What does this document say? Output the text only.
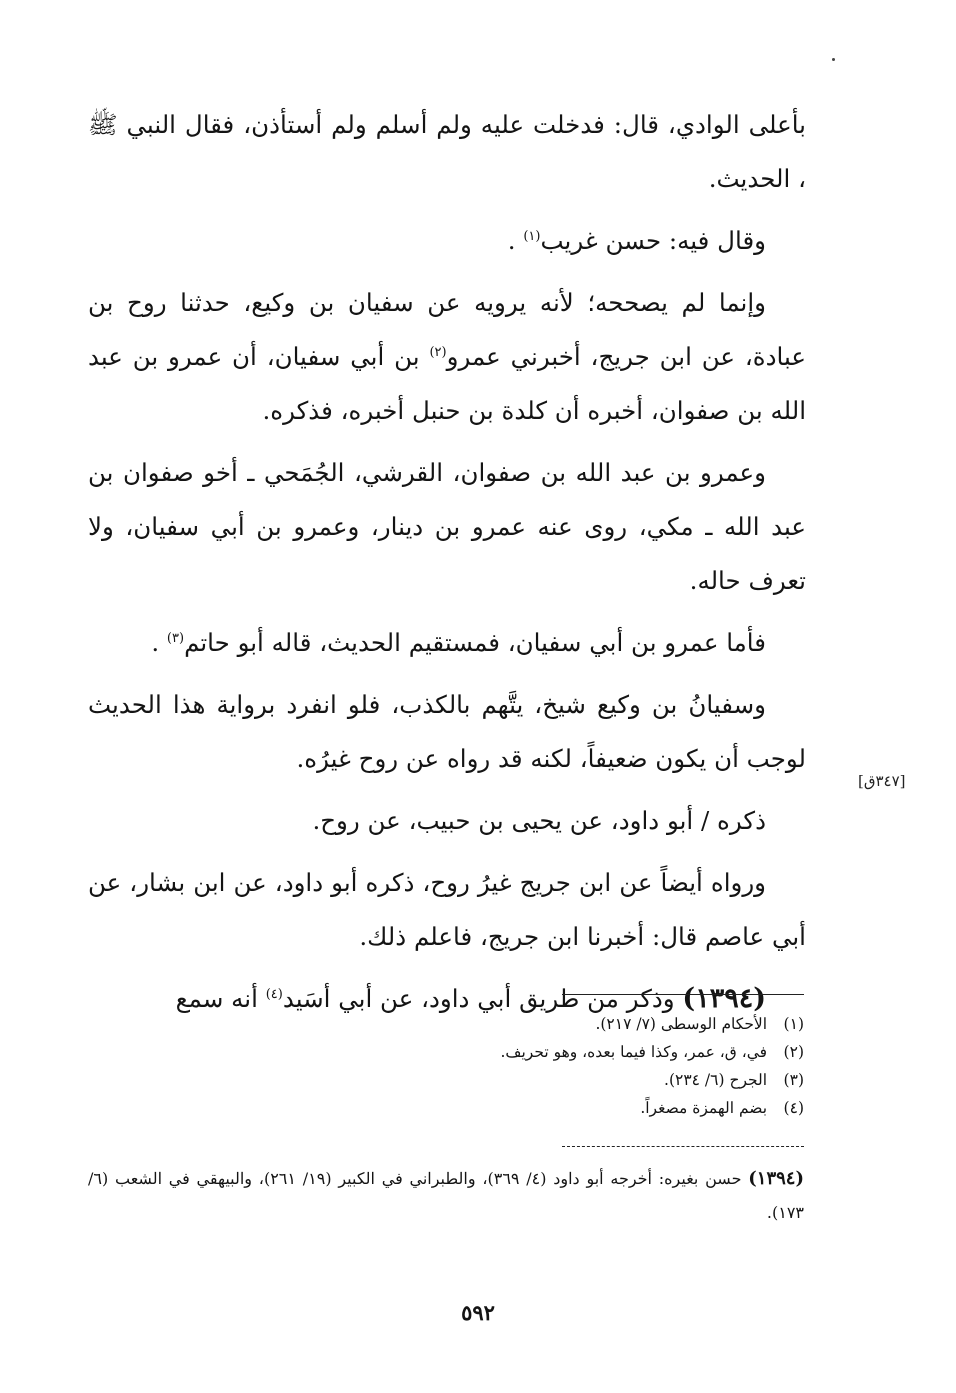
بأعلى الوادي، قال: فدخلت عليه ولم أسلم ولم أستأذن، فقال النبي ﷺ ، الحديث.

وقال فيه: حسن غريب$^{(١)}$ .

وإنما لم يصححه؛ لأنه يرويه عن سفيان بن وكيع، حدثنا روح بن عبادة، عن ابن جريج، أخبرني عمرو$^{(٢)}$ بن أبي سفيان، أن عمرو بن عبد الله بن صفوان، أخبره أن كلدة بن حنبل أخبره، فذكره.

وعمرو بن عبد الله بن صفوان، القرشي، الجُمَحي ـ أخو صفوان بن عبد الله ـ مكي، روى عنه عمرو بن دينار، وعمرو بن أبي سفيان، ولا تعرف حاله.

فأما عمرو بن أبي سفيان، فمستقيم الحديث، قاله أبو حاتم$^{(٣)}$ .

وسفيانُ بن وكيع شيخ، يتَّهم بالكذب، فلو انفرد برواية هذا الحديث لوجب أن يكون ضعيفاً، لكنه قد رواه عن روح غيرُه.

ذكره / أبو داود، عن يحيى بن حبيب، عن روح.

ورواه أيضاً عن ابن جريج غيرُ روح، ذكره أبو داود، عن ابن بشار، عن أبي عاصم قال: أخبرنا ابن جريج، فاعلم ذلك.

(١٣٩٤) وذكر من طريق أبي داود، عن أبي أسَيد$^{(٤)}$ أنه سمع

[٣٤٧ق]
(١) الأحكام الوسطى (٧/ ٢١٧).
(٢) في، ق، عمر، وكذا فيما بعده، وهو تحريف.
(٣) الجرح (٦/ ٢٣٤).
(٤) بضم الهمزة مصغراً.
(١٣٩٤) حسن بغيره: أخرجه أبو داود (٤/ ٣٦٩)، والطبراني في الكبير (١٩/ ٢٦١)، والبيهقي في الشعب (٦/ ١٧٣).
٥٩٢
